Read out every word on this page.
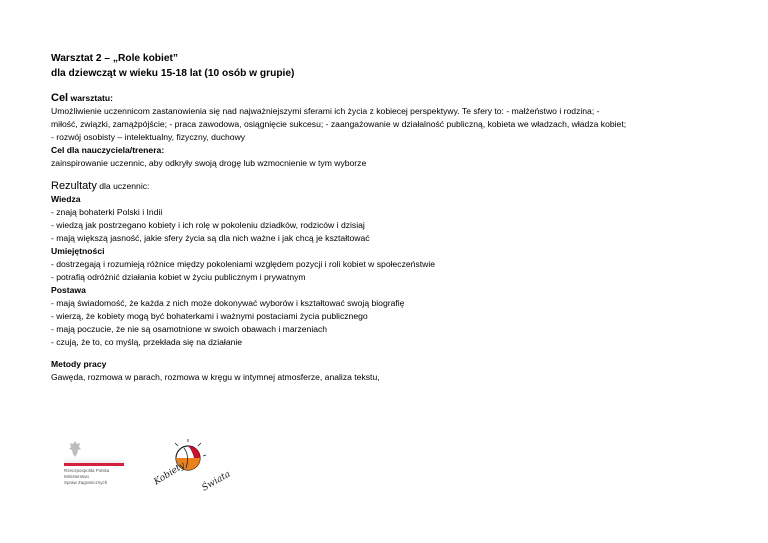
Warsztat 2 – „Role kobiet”
dla dziewcząt w wieku 15-18 lat (10 osób w grupie)
Cel warsztatu:
Umożliwienie uczennicom zastanowienia się nad najważniejszymi sferami ich życia z kobiecej perspektywy. Te sfery to: - małżeństwo i rodzina; -
miłość, związki, zamążpójście; - praca zawodowa, osiągnięcie sukcesu; - zaangażowanie w działalność publiczną, kobieta we władzach, władza kobiet;
- rozwój osobisty – intelektualny, fizyczny, duchowy
Cel dla nauczyciela/trenera:
zainspirowanie uczennic, aby odkryły swoją drogę lub wzmocnienie w tym wyborze
Rezultaty dla uczennic:
Wiedza
- znają bohaterki Polski i Indii
- wiedzą jak postrzegano kobiety i ich rolę w pokoleniu dziadków, rodziców i dzisiaj
- mają większą jasność, jakie sfery życia są dla nich ważne i jak chcą je kształtować
Umiejętności
- dostrzegają i rozumieją różnice między pokoleniami względem pozycji i roli kobiet w społeczeństwie
- potrafią odróżnić działania kobiet w życiu publicznym i prywatnym
Postawa
- mają świadomość, że każda z nich może dokonywać wyborów i kształtować swoją biografię
- wierzą, że kobiety mogą być bohaterkami i ważnymi postaciami życia publicznego
- mają poczucie, że nie są osamotnione w swoich obawach i marzeniach
- czują, że to, co myślą, przekłada się na działanie
Metody pracy
Gawęda, rozmowa w parach, rozmowa w kręgu w intymnej atmosferze, analiza tekstu,
Rzeczpospolita Polska
Ministerstwo
Spraw Zagranicznych	Kobiety Świata
